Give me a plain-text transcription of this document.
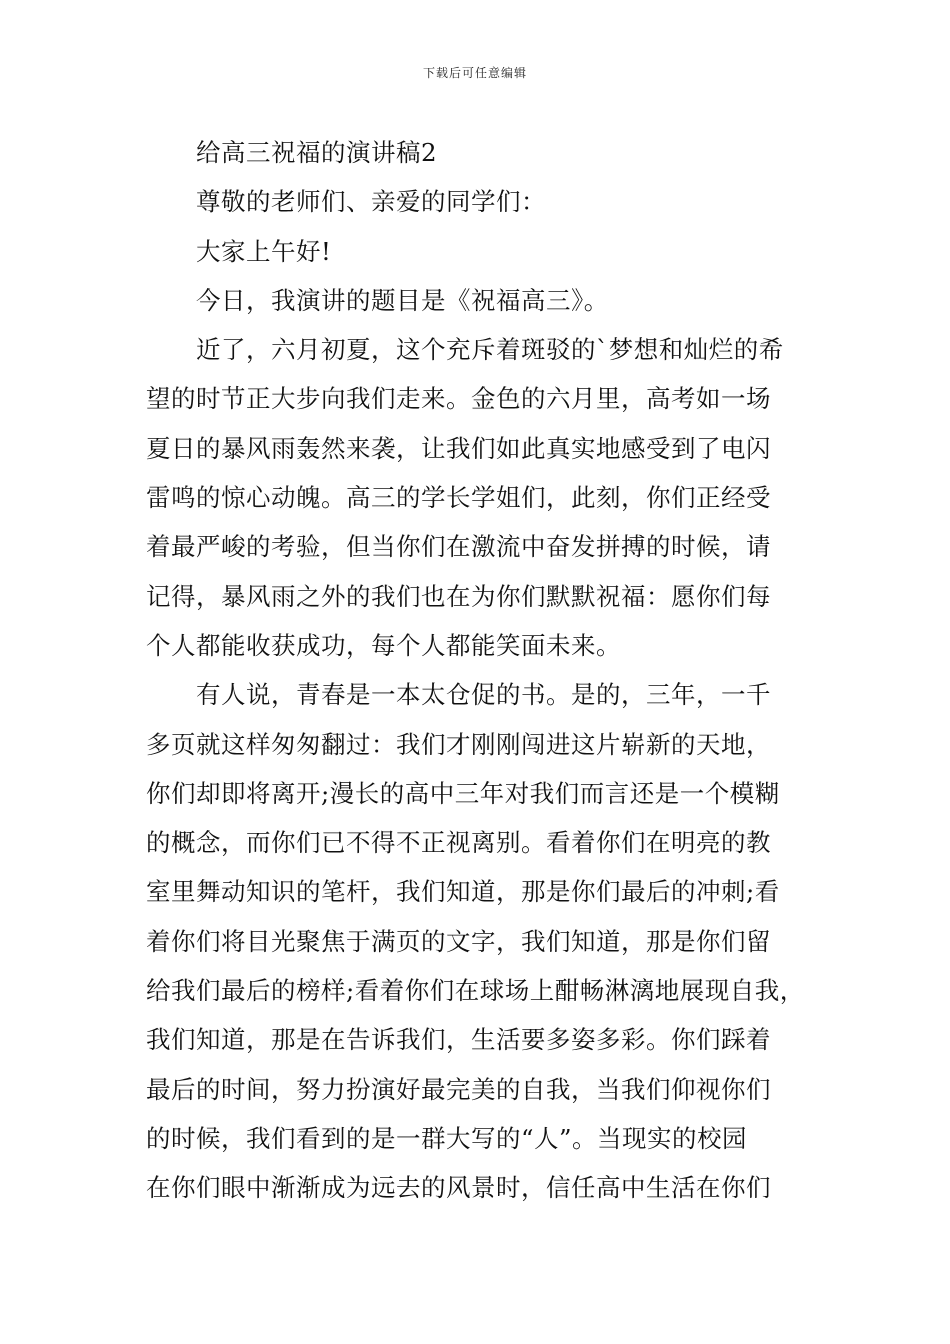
下载后可任意编辑
给高三祝福的演讲稿2
尊敬的老师们、亲爱的同学们：
大家上午好!
今日，我演讲的题目是《祝福高三》。
近了，六月初夏，这个充斥着斑驳的`梦想和灿烂的希
望的时节正大步向我们走来。金色的六月里，高考如一场
夏日的暴风雨轰然来袭，让我们如此真实地感受到了电闪
雷鸣的惊心动魄。高三的学长学姐们，此刻，你们正经受
着最严峻的考验，但当你们在激流中奋发拼搏的时候，请
记得，暴风雨之外的我们也在为你们默默祝福：愿你们每
个人都能收获成功，每个人都能笑面未来。
有人说，青春是一本太仓促的书。是的，三年，一千
多页就这样匆匆翻过：我们才刚刚闯进这片崭新的天地，
你们却即将离开;漫长的高中三年对我们而言还是一个模糊
的概念，而你们已不得不正视离别。看着你们在明亮的教
室里舞动知识的笔杆，我们知道，那是你们最后的冲刺;看
着你们将目光聚焦于满页的文字，我们知道，那是你们留
给我们最后的榜样;看着你们在球场上酣畅淋漓地展现自我，
我们知道，那是在告诉我们，生活要多姿多彩。你们踩着
最后的时间，努力扮演好最完美的自我，当我们仰视你们
的时候，我们看到的是一群大写的“人”。当现实的校园
在你们眼中渐渐成为远去的风景时，信任高中生活在你们
